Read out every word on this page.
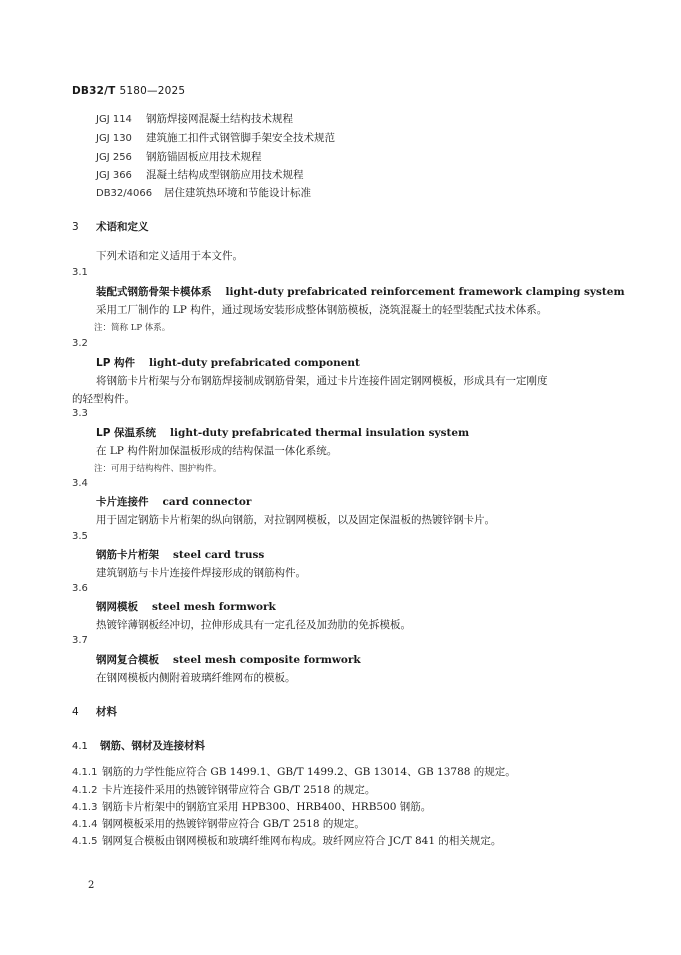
DB32/T 5180—2025
JGJ 114 钢筋焊接网混凝土结构技术规程
JGJ 130 建筑施工扣件式钢管脚手架安全技术规范
JGJ 256 钢筋锚固板应用技术规程
JGJ 366 混凝土结构成型钢筋应用技术规程
DB32/4066 居住建筑热环境和节能设计标准
3 术语和定义
下列术语和定义适用于本文件。
3.1
装配式钢筋骨架卡模体系 light-duty prefabricated reinforcement framework clamping system
采用工厂制作的 LP 构件，通过现场安装形成整体钢筋模板，浇筑混凝土的轻型装配式技术体系。
注：简称 LP 体系。
3.2
LP 构件 light-duty prefabricated component
将钢筋卡片桁架与分布钢筋焊接制成钢筋骨架，通过卡片连接件固定钢网模板，形成具有一定刚度
的轻型构件。
3.3
LP 保温系统 light-duty prefabricated thermal insulation system
在 LP 构件附加保温板形成的结构保温一体化系统。
注：可用于结构构件、围护构件。
3.4
卡片连接件 card connector
用于固定钢筋卡片桁架的纵向钢筋，对拉钢网模板，以及固定保温板的热镀锌钢卡片。
3.5
钢筋卡片桁架 steel card truss
建筑钢筋与卡片连接件焊接形成的钢筋构件。
3.6
钢网模板 steel mesh formwork
热镀锌薄钢板经冲切，拉伸形成具有一定孔径及加劲肋的免拆模板。
3.7
钢网复合模板 steel mesh composite formwork
在钢网模板内侧附着玻璃纤维网布的模板。
4 材料
4.1 钢筋、钢材及连接材料
4.1.1 钢筋的力学性能应符合 GB 1499.1、GB/T 1499.2、GB 13014、GB 13788 的规定。
4.1.2 卡片连接件采用的热镀锌钢带应符合 GB/T 2518 的规定。
4.1.3 钢筋卡片桁架中的钢筋宜采用 HPB300、HRB400、HRB500 钢筋。
4.1.4 钢网模板采用的热镀锌钢带应符合 GB/T 2518 的规定。
4.1.5 钢网复合模板由钢网模板和玻璃纤维网布构成。玻纤网应符合 JC/T 841 的相关规定。
2
